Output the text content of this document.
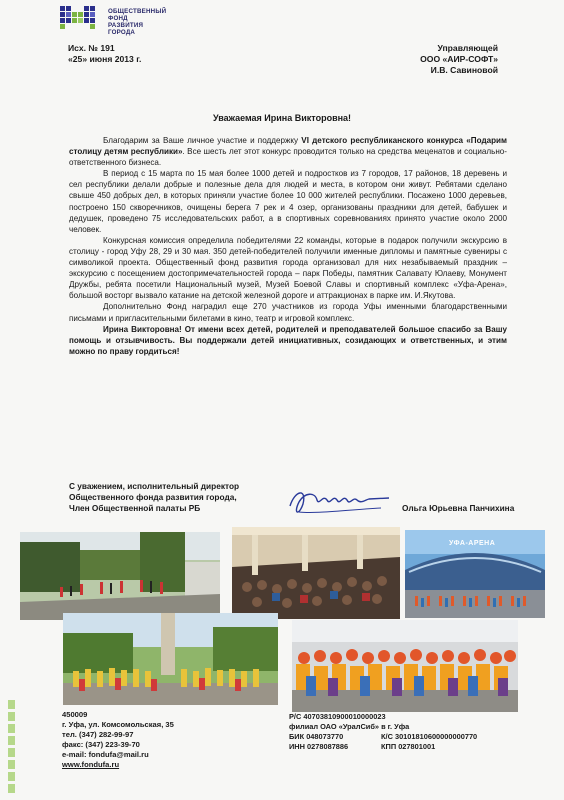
ОБЩЕСТВЕННЫЙ
ФОНД
РАЗВИТИЯ
ГОРОДА
Исх. № 191
«25» июня 2013 г.
Управляющей
ООО «АИР-СОФТ»
И.В. Савиновой
Уважаемая Ирина Викторовна!

Благодарим за Ваше личное участие и поддержку VI детского республиканского конкурса «Подарим столицу детям республики». Все шесть лет этот конкурс проводится только на средства меценатов и социально-ответственного бизнеса.

В период с 15 марта по 15 мая более 1000 детей и подростков из 7 городов, 17 районов, 18 деревень и сел республики делали добрые и полезные дела для людей и места, в котором они живут. Ребятами сделано свыше 450 добрых дел, в которых приняли участие более 10 000 жителей республики. Посажено 1000 деревьев, построено 150 скворечников, очищены берега 7 рек и 4 озер, организованы праздники для детей, бабушек и дедушек, проведено 75 исследовательских работ, а в спортивных соревнованиях принято участие около 2000 человек.

Конкурсная комиссия определила победителями 22 команды, которые в подарок получили экскурсию в столицу - город Уфу 28, 29 и 30 мая. 350 детей-победителей получили именные дипломы и памятные сувениры с символикой проекта. Общественный фонд развития города организовал для них незабываемый праздник – экскурсию с посещением достопримечательностей города – парк Победы, памятник Салавату Юлаеву, Монумент Дружбы, ребята посетили Национальный музей, Музей Боевой Славы и спортивный комплекс «Уфа-Арена», большой восторг вызвало катание на детской железной дороге и аттракционах в парке им. И.Якутова.

Дополнительно Фонд наградил еще 270 участников из города Уфы именными благодарственными письмами и пригласительными билетами в кино, театр и игровой комплекс.

Ирина Викторовна! От имени всех детей, родителей и преподавателей большое спасибо за Вашу помощь и отзывчивость. Вы поддержали детей инициативных, созидающих и ответственных, и этим можно по праву гордиться!

С уважением, исполнительный директор
Общественного фонда развития города,
Член Общественной палаты РБ	Ольга Юрьевна Панчихина
УФА-АРЕНА
450009
г. Уфа, ул. Комсомольская, 35
тел. (347) 282-99-97
факс: (347) 223-39-70
e-mail: fondufa@mail.ru
www.fondufa.ru
Р/С 40703810900010000023
филиал ОАО «УралСиб» в г. Уфа
БИК 048073770	К/С 30101810600000000770
ИНН 0278087886	КПП 027801001
